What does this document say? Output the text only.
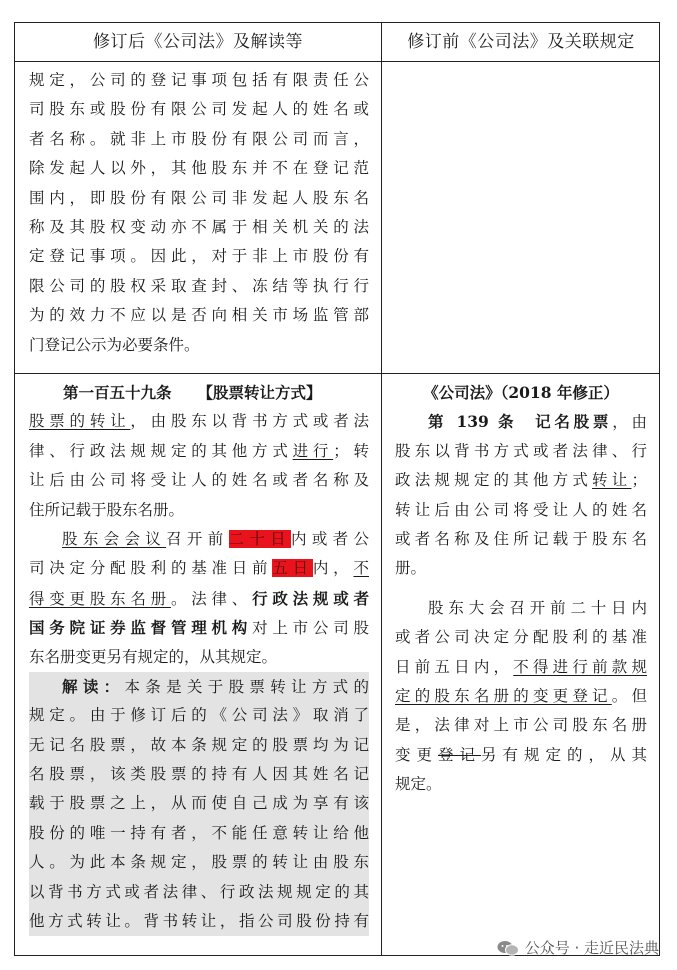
修订后《公司法》及解读等	修订前《公司法》及关联规定
规定，公司的登记事项包括有限责任公
司股东或股份有限公司发起人的姓名或
者名称。就非上市股份有限公司而言，
除发起人以外，其他股东并不在登记范
围内，即股份有限公司非发起人股东名
称及其股权变动亦不属于相关机关的法
定登记事项。因此，对于非上市股份有
限公司的股权采取查封、冻结等执行行
为的效力不应以是否向相关市场监管部
门登记公示为必要条件。
第一百五十九条 【股票转让方式】
股票的转让，由股东以背书方式或者法
律、行政法规规定的其他方式进行；转
让后由公司将受让人的姓名或者名称及
住所记载于股东名册。
股东会会议召开前二十日内或者公
司决定分配股利的基准日前五日内，不
得变更股东名册。法律、行政法规或者
国务院证券监督管理机构对上市公司股
东名册变更另有规定的，从其规定。
解读：本条是关于股票转让方式的
规定。由于修订后的《公司法》取消了
无记名股票，故本条规定的股票均为记
名股票，该类股票的持有人因其姓名记
载于股票之上，从而使自己成为享有该
股份的唯一持有者，不能任意转让给他
人。为此本条规定，股票的转让由股东
以背书方式或者法律、行政法规规定的其
他方式转让。背书转让，指公司股份持有
《公司法》（2018 年修正）
第 139 条 记名股票，由
股东以背书方式或者法律、行
政法规规定的其他方式转让；
转让后由公司将受让人的姓名
或者名称及住所记载于股东名
册。
股东大会召开前二十日内
或者公司决定分配股利的基准
日前五日内，不得进行前款规
定的股东名册的变更登记。但
是，法律对上市公司股东名册
变更登记另有规定的，从其
规定。
公众号 · 走近民法典
